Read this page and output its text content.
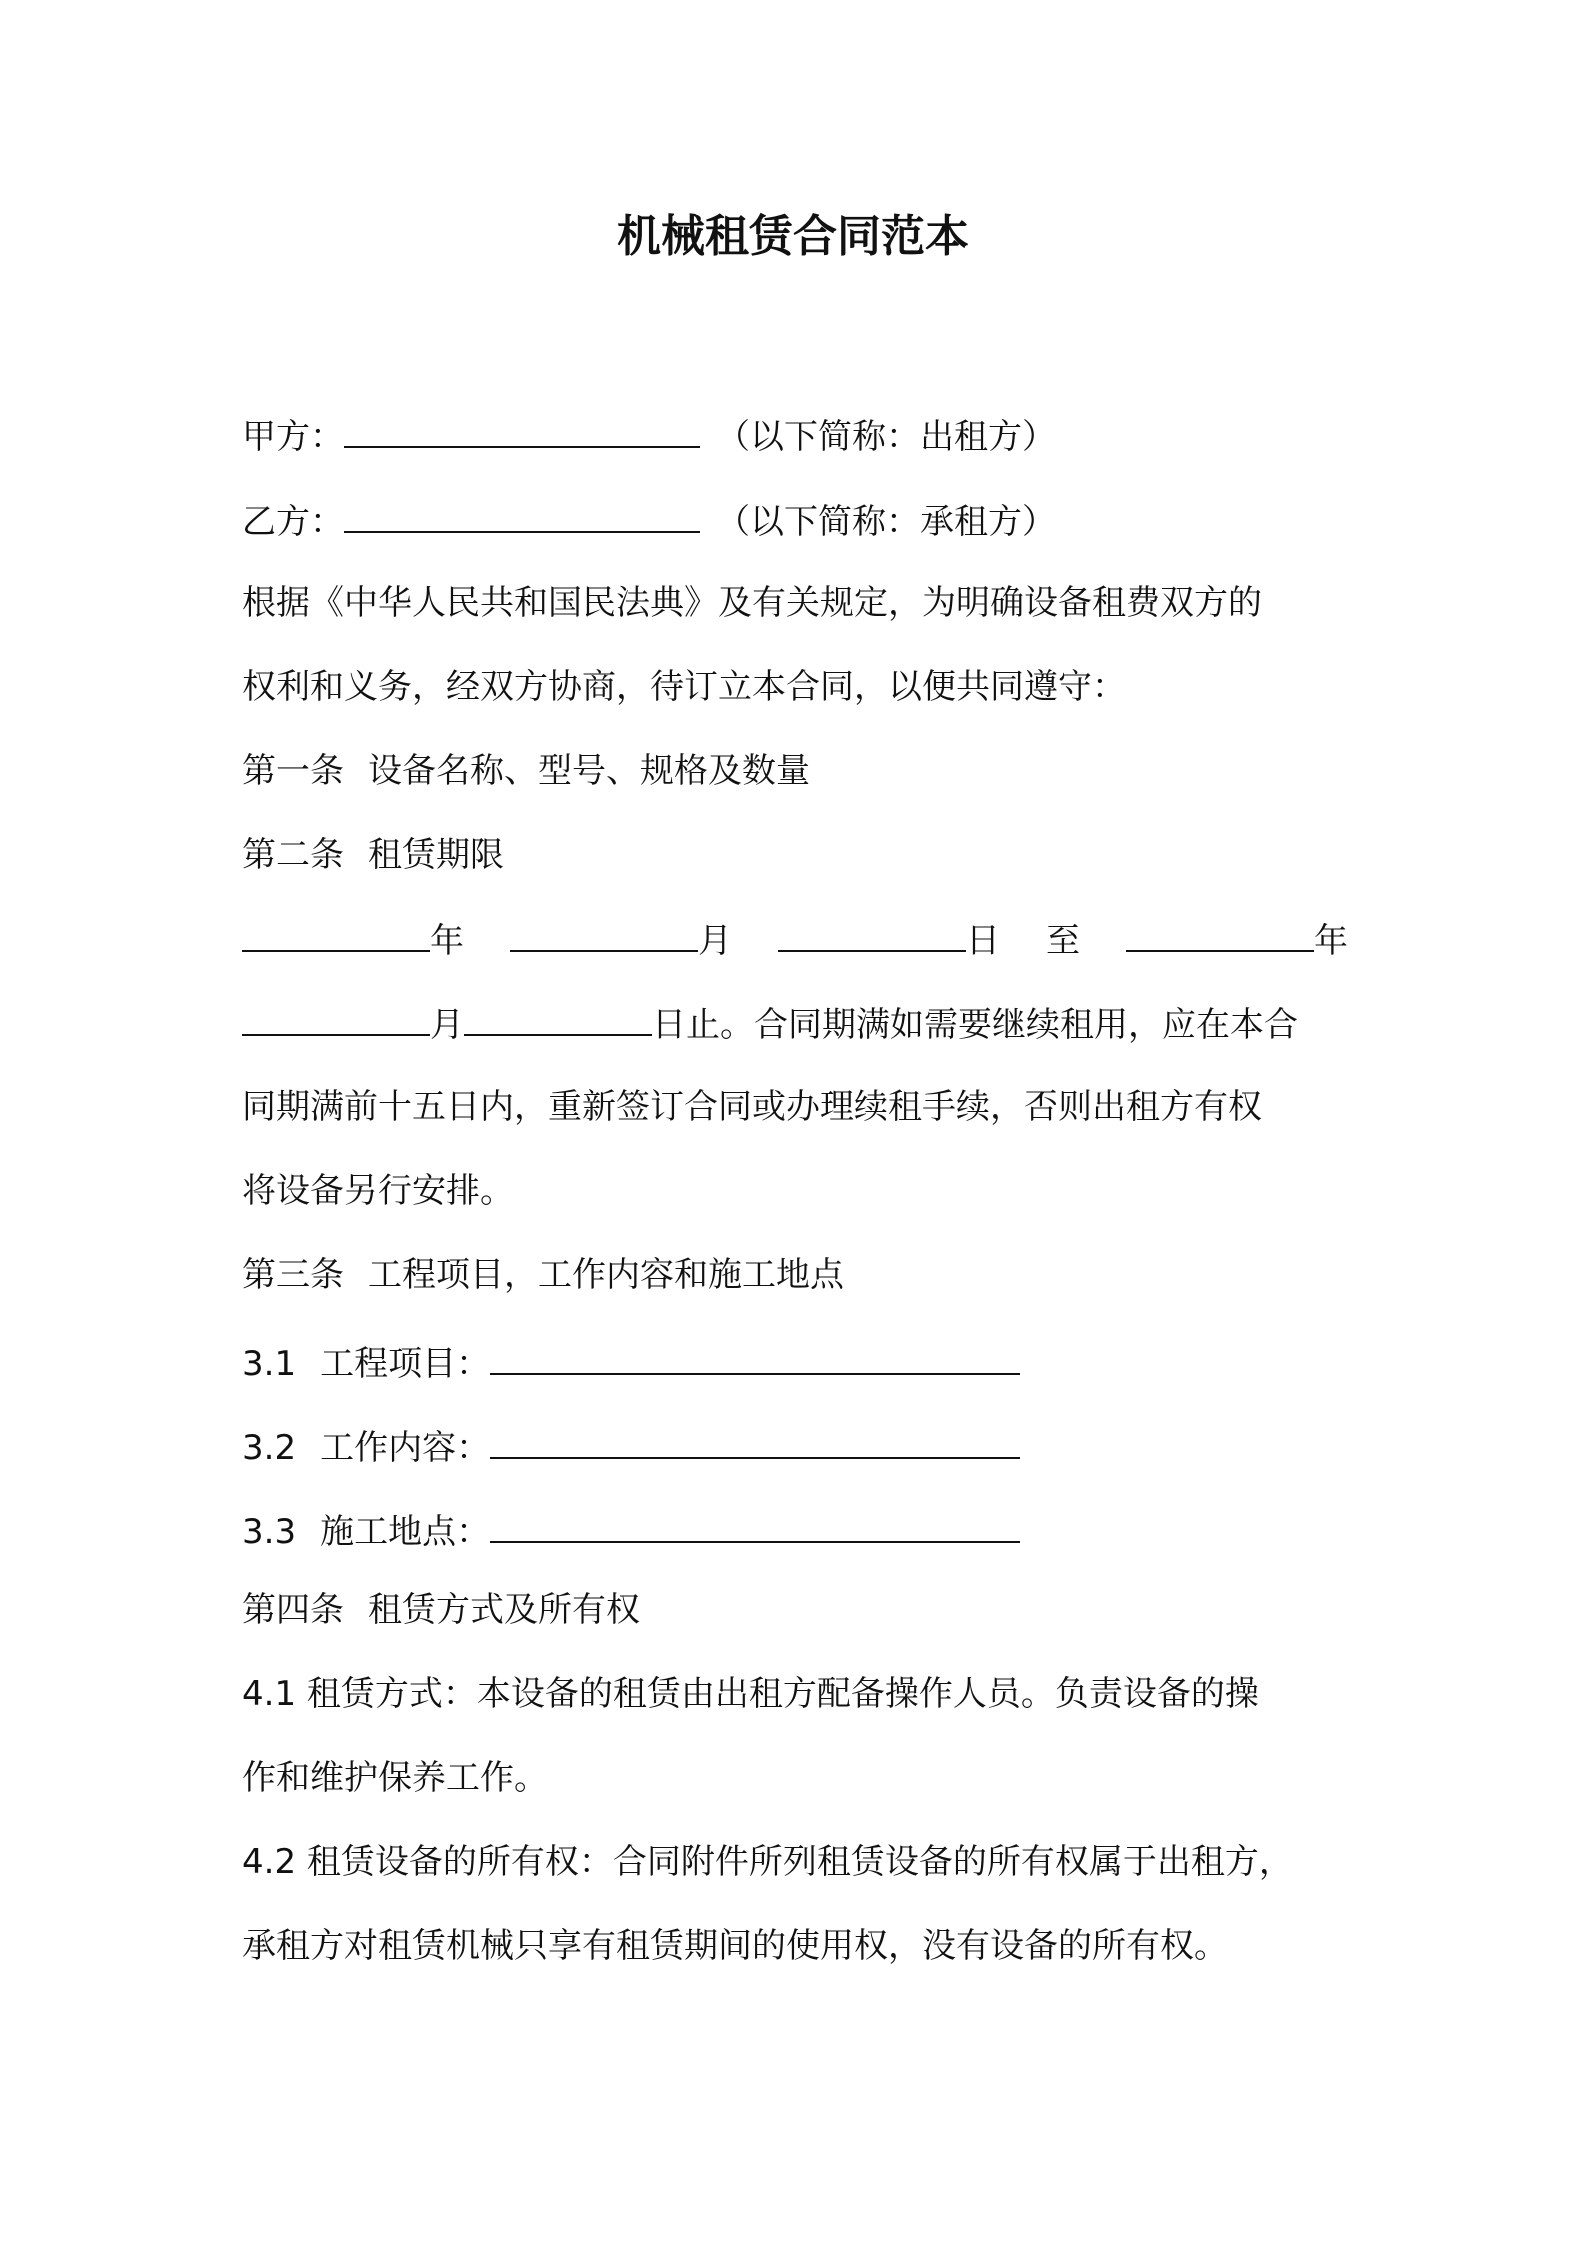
机械租赁合同范本
甲方：	（以下简称：出租方）
乙方：	（以下简称：承租方）
根据《中华人民共和国民法典》及有关规定，为明确设备租费双方的
权利和义务，经双方协商，待订立本合同，以便共同遵守：
第一条 设备名称、型号、规格及数量
第二条 租赁期限
年	月	日 至	年
月	日止。合同期满如需要继续租用，应在本合
同期满前十五日内，重新签订合同或办理续租手续，否则出租方有权
将设备另行安排。
第三条 工程项目，工作内容和施工地点
3.1 工程项目：
3.2 工作内容：
3.3 施工地点：
第四条 租赁方式及所有权
4.1 租赁方式：本设备的租赁由出租方配备操作人员。负责设备的操
作和维护保养工作。
4.2 租赁设备的所有权：合同附件所列租赁设备的所有权属于出租方，
承租方对租赁机械只享有租赁期间的使用权，没有设备的所有权。
